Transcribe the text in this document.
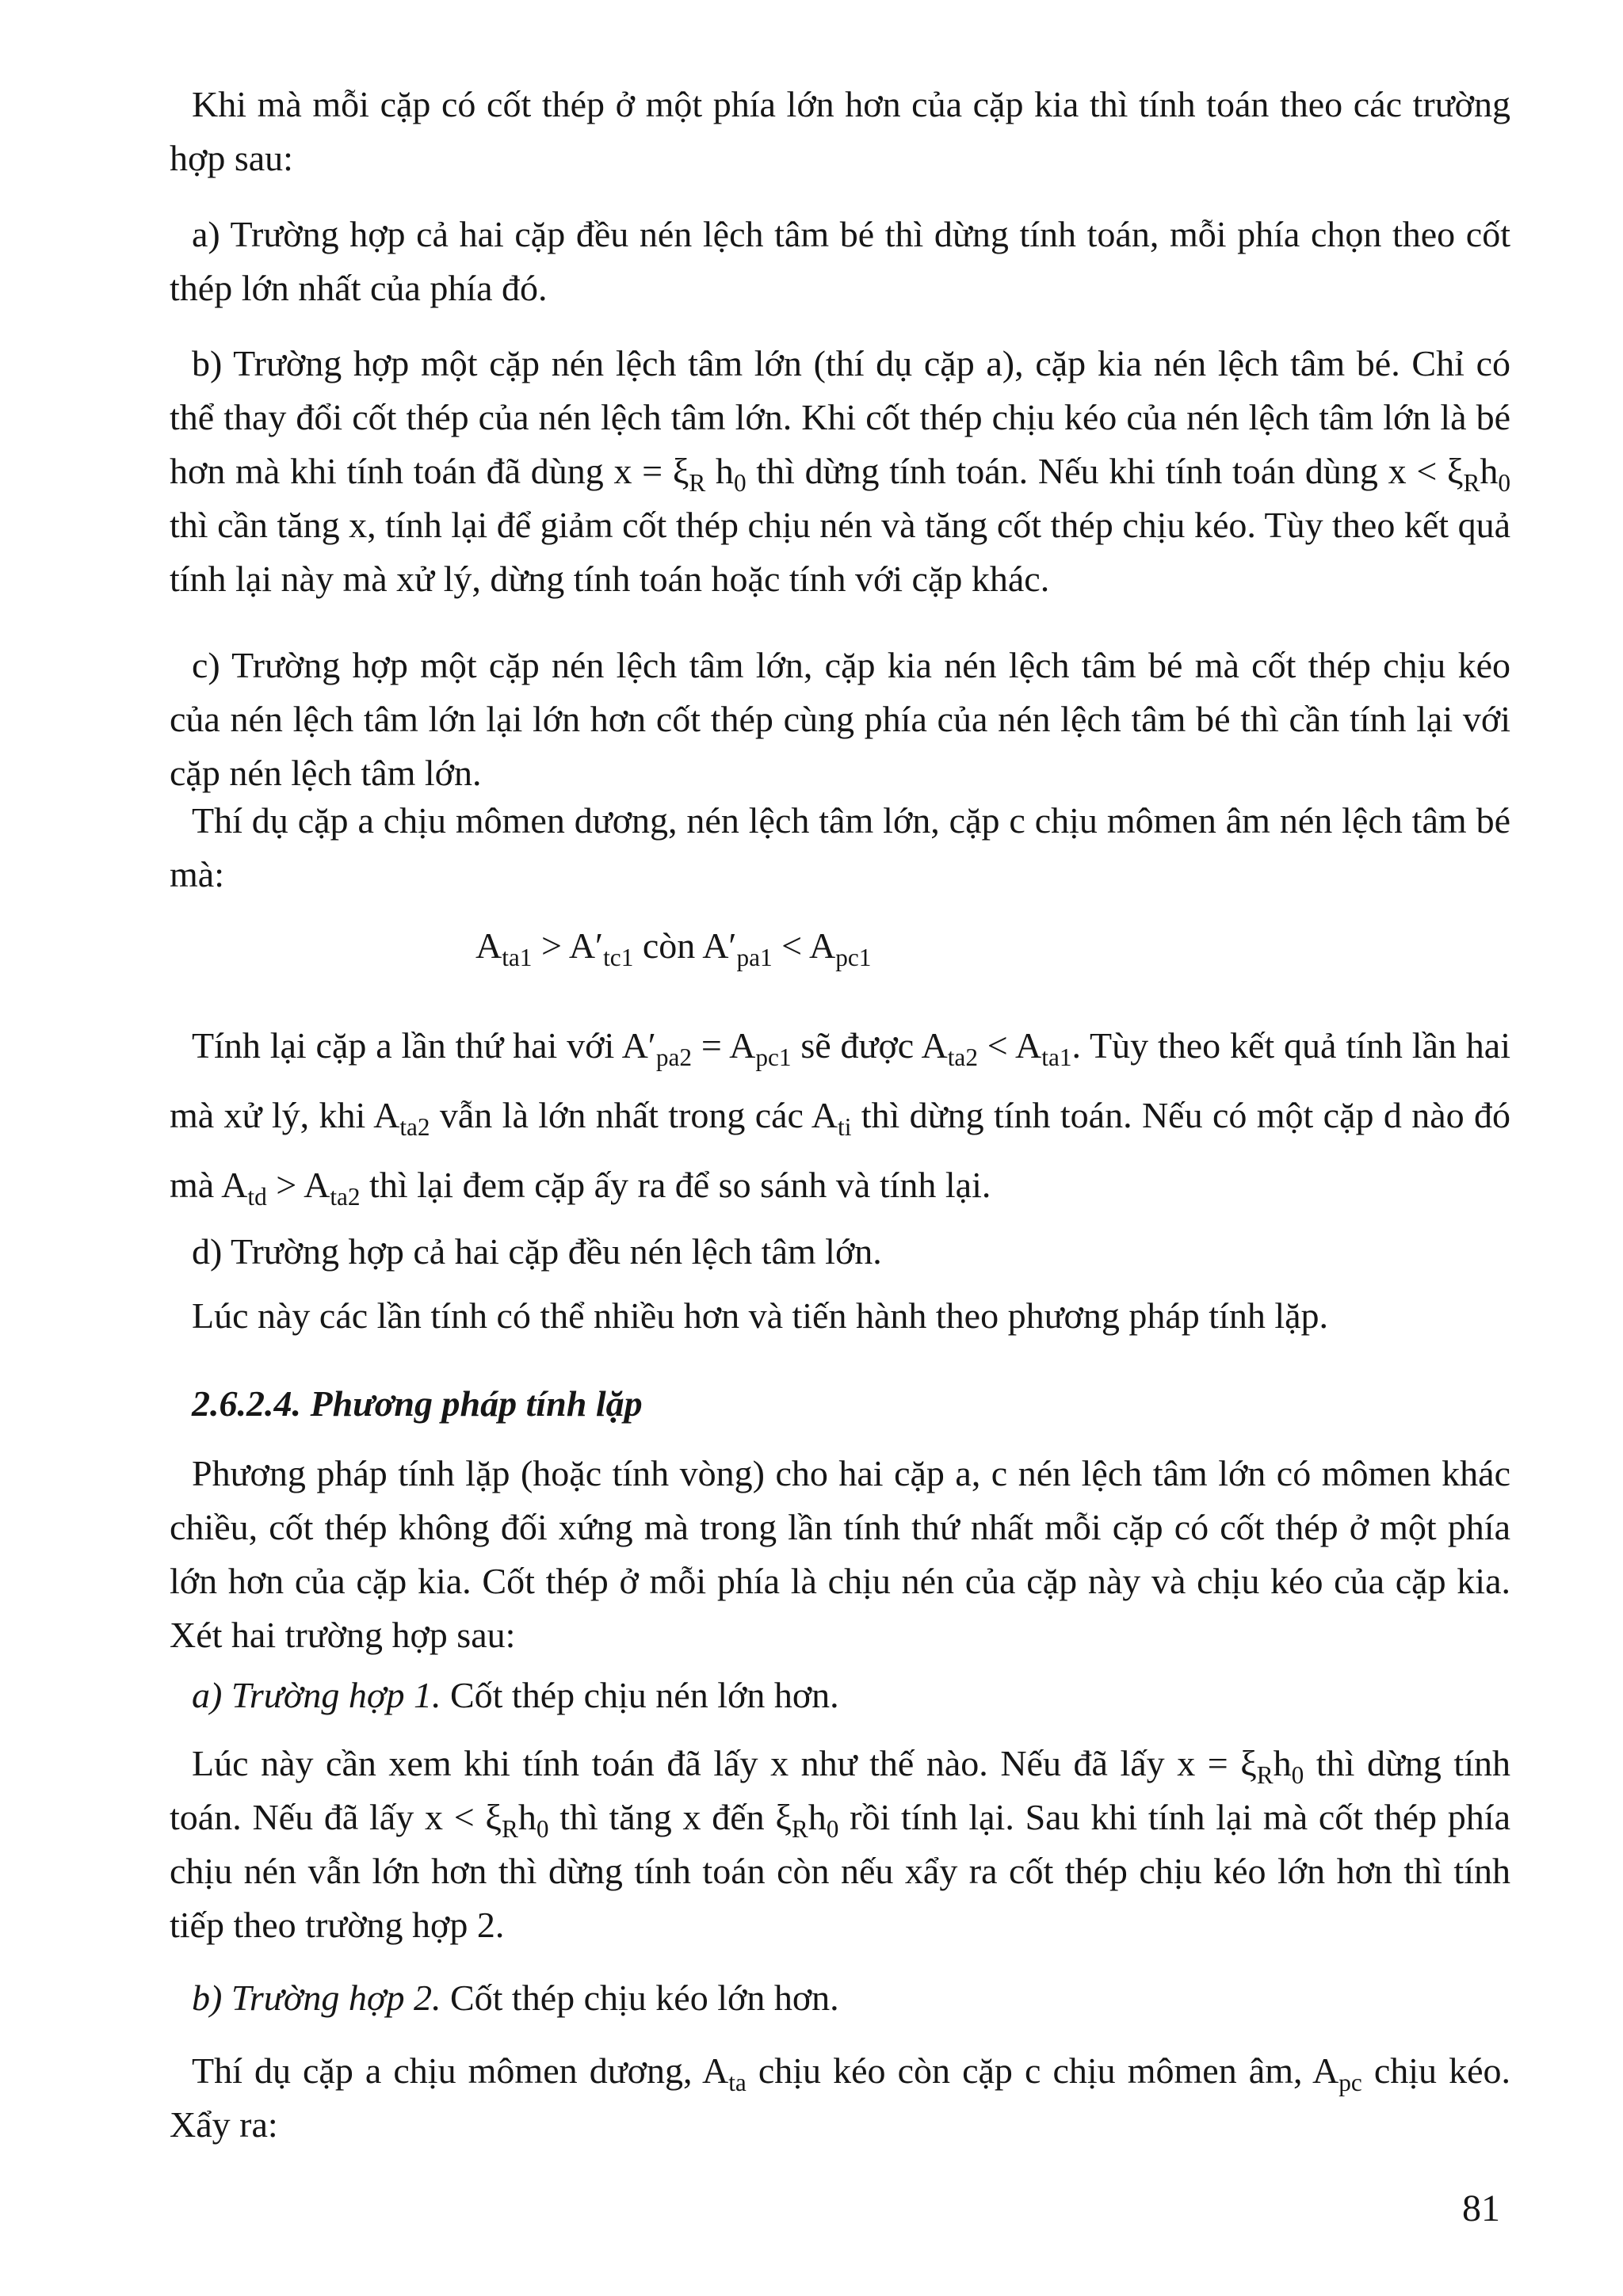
Khi mà mỗi cặp có cốt thép ở một phía lớn hơn của cặp kia thì tính toán theo các trường hợp sau:

a) Trường hợp cả hai cặp đều nén lệch tâm bé thì dừng tính toán, mỗi phía chọn theo cốt thép lớn nhất của phía đó.

b) Trường hợp một cặp nén lệch tâm lớn (thí dụ cặp a), cặp kia nén lệch tâm bé. Chỉ có thể thay đổi cốt thép của nén lệch tâm lớn. Khi cốt thép chịu kéo của nén lệch tâm lớn là bé hơn mà khi tính toán đã dùng $x = \xi_R$ $h_0$ thì dừng tính toán. Nếu khi tính toán dùng $x < \xi_Rh_0$ thì cần tăng x, tính lại để giảm cốt thép chịu nén và tăng cốt thép chịu kéo. Tùy theo kết quả tính lại này mà xử lý, dừng tính toán hoặc tính với cặp khác.

c) Trường hợp một cặp nén lệch tâm lớn, cặp kia nén lệch tâm bé mà cốt thép chịu kéo của nén lệch tâm lớn lại lớn hơn cốt thép cùng phía của nén lệch tâm bé thì cần tính lại với cặp nén lệch tâm lớn.

Thí dụ cặp a chịu mômen dương, nén lệch tâm lớn, cặp c chịu mômen âm nén lệch tâm bé mà:

$A_{ta1} > A'_{tc1}$ còn $A'_{pa1} < A_{pc1}$

Tính lại cặp a lần thứ hai với $A'_{pa2} = A_{pc1}$ sẽ được $A_{ta2} < A_{ta1}$. Tùy theo kết quả tính lần hai mà xử lý, khi $A_{ta2}$ vẫn là lớn nhất trong các $A_{ti}$ thì dừng tính toán. Nếu có một cặp d nào đó mà $A_{td} > A_{ta2}$ thì lại đem cặp ấy ra để so sánh và tính lại.

d) Trường hợp cả hai cặp đều nén lệch tâm lớn.

Lúc này các lần tính có thể nhiều hơn và tiến hành theo phương pháp tính lặp.

2.6.2.4. Phương pháp tính lặp

Phương pháp tính lặp (hoặc tính vòng) cho hai cặp a, c nén lệch tâm lớn có mômen khác chiều, cốt thép không đối xứng mà trong lần tính thứ nhất mỗi cặp có cốt thép ở một phía lớn hơn của cặp kia. Cốt thép ở mỗi phía là chịu nén của cặp này và chịu kéo của cặp kia. Xét hai trường hợp sau:

a) Trường hợp 1. Cốt thép chịu nén lớn hơn.

Lúc này cần xem khi tính toán đã lấy x như thế nào. Nếu đã lấy $x = \xi_Rh_0$ thì dừng tính toán. Nếu đã lấy $x < \xi_Rh_0$ thì tăng x đến $\xi_Rh_0$ rồi tính lại. Sau khi tính lại mà cốt thép phía chịu nén vẫn lớn hơn thì dừng tính toán còn nếu xẩy ra cốt thép chịu kéo lớn hơn thì tính tiếp theo trường hợp 2.

b) Trường hợp 2. Cốt thép chịu kéo lớn hơn.

Thí dụ cặp a chịu mômen dương, $A_{ta}$ chịu kéo còn cặp c chịu mômen âm, $A_{pc}$ chịu kéo. Xẩy ra:

81
